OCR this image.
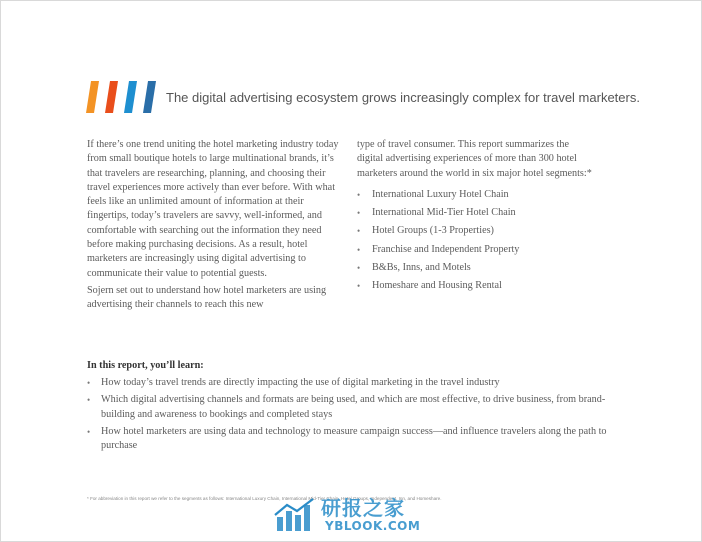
The digital advertising ecosystem grows increasingly complex for travel marketers.

If there’s one trend uniting the hotel marketing industry today from small boutique hotels to large multinational brands, it’s that travelers are researching, planning, and choosing their travel experiences more actively than ever before. With what feels like an unlimited amount of information at their fingertips, today’s travelers are savvy, well-informed, and comfortable with searching out the information they need before making purchasing decisions. As a result, hotel marketers are increasingly using digital advertising to communicate their value to potential guests.

Sojern set out to understand how hotel marketers are using advertising their channels to reach this new

type of travel consumer. This report summarizes the digital advertising experiences of more than 300 hotel marketers around the world in six major hotel segments:*

• International Luxury Hotel Chain
• International Mid-Tier Hotel Chain
• Hotel Groups (1-3 Properties)
• Franchise and Independent Property
• B&Bs, Inns, and Motels
• Homeshare and Housing Rental
In this report, you’ll learn:
• How today’s travel trends are directly impacting the use of digital marketing in the travel industry
• Which digital advertising channels and formats are being used, and which are most effective, to drive business, from brand-building and awareness to bookings and completed stays
• How hotel marketers are using data and technology to measure campaign success—and influence travelers along the path to purchase
* For abbreviation in this report we refer to the segments as follows: International Luxury Chain, International Mid-Tier Chain, Hotel Groups, Independent, Inn, and Homeshare.
研报之家
YBLOOK.COM
